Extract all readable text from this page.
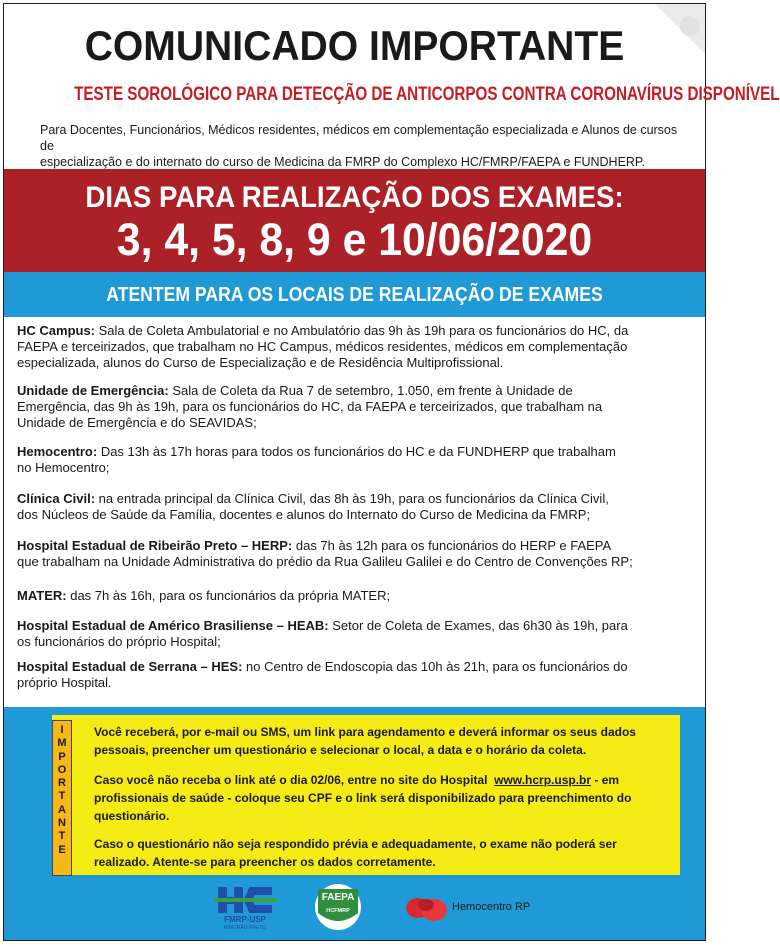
COMUNICADO IMPORTANTE
TESTE SOROLÓGICO PARA DETECÇÃO DE ANTICORPOS CONTRA CORONAVÍRUS DISPONÍVEL
Para Docentes, Funcionários, Médicos residentes, médicos em complementação especializada e Alunos de cursos de
especialização e do internato do curso de Medicina da FMRP do Complexo HC/FMRP/FAEPA e FUNDHERP.
DIAS PARA REALIZAÇÃO DOS EXAMES:
3, 4, 5, 8, 9 e 10/06/2020
ATENTEM PARA OS LOCAIS DE REALIZAÇÃO DE EXAMES
HC Campus: Sala de Coleta Ambulatorial e no Ambulatório das 9h às 19h para os funcionários do HC, da
FAEPA e terceirizados, que trabalham no HC Campus, médicos residentes, médicos em complementação
especializada, alunos do Curso de Especialização e de Residência Multiprofissional.
Unidade de Emergência: Sala de Coleta da Rua 7 de setembro, 1.050, em frente à Unidade de
Emergência, das 9h às 19h, para os funcionários do HC, da FAEPA e terceirizados, que trabalham na
Unidade de Emergência e do SEAVIDAS;
Hemocentro: Das 13h às 17h horas para todos os funcionários do HC e da FUNDHERP que trabalham
no Hemocentro;
Clínica Civil: na entrada principal da Clínica Civil, das 8h às 19h, para os funcionários da Clínica Civil,
dos Núcleos de Saúde da Família, docentes e alunos do Internato do Curso de Medicina da FMRP;
Hospital Estadual de Ribeirão Preto – HERP: das 7h às 12h para os funcionários do HERP e FAEPA
que trabalham na Unidade Administrativa do prédio da Rua Galileu Galilei e do Centro de Convenções RP;
MATER: das 7h às 16h, para os funcionários da própria MATER;
Hospital Estadual de Américo Brasiliense – HEAB: Setor de Coleta de Exames, das 6h30 às 19h, para
os funcionários do próprio Hospital;
Hospital Estadual de Serrana – HES: no Centro de Endoscopia das 10h às 21h, para os funcionários do
próprio Hospital.
I
M
P
O
R
T
A
N
T
E
Você receberá, por e-mail ou SMS, um link para agendamento e deverá informar os seus dados
pessoais, preencher um questionário e selecionar o local, a data e o horário da coleta.
Caso você não receba o link até o dia 02/06, entre no site do Hospital www.hcrp.usp.br - em
profissionais de saúde - coloque seu CPF e o link será disponibilizado para preenchimento do
questionário.
Caso o questionário não seja respondido prévia e adequadamente, o exame não poderá ser
realizado. Atente-se para preencher os dados corretamente.
FMRP-USP
RIBEIRÃO PRETO
FAEPA
HCFMRP	Hemocentro RP
